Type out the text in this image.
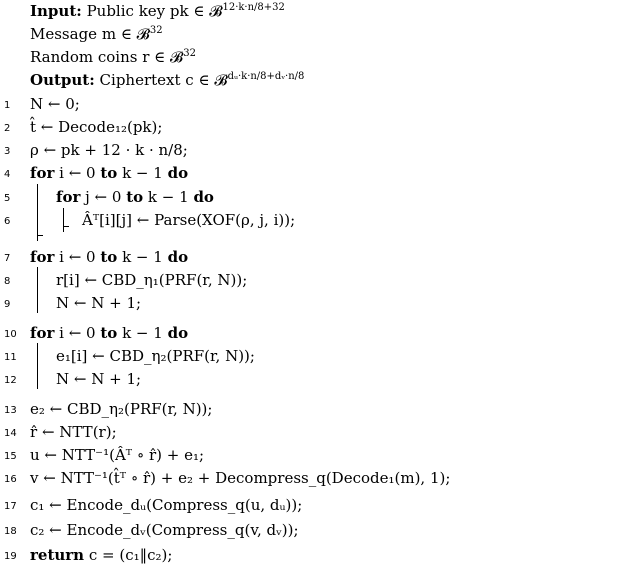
Input: Public key pk ∈ 𝓑$^{12\cdot k\cdot n/8+32}$
Message m ∈ 𝓑$^{32}$
Random coins r ∈ 𝓑$^{32}$
Output: Ciphertext c ∈ 𝓑$^{dᵤ\cdot k\cdot n/8+dᵥ\cdot n/8}$
1	N ← 0;
2	t̂ ← Decode₁₂(pk);
3	ρ ← pk + 12 · k · n/8;
4	for i ← 0 to k − 1 do
5	for j ← 0 to k − 1 do
6	Âᵀ[i][j] ← Parse(XOF(ρ, j, i));
7	for i ← 0 to k − 1 do
8	r[i] ← CBD_η₁(PRF(r, N));
9	N ← N + 1;
10 for i ← 0 to k − 1 do
11	e₁[i] ← CBD_η₂(PRF(r, N));
12	N ← N + 1;
13 e₂ ← CBD_η₂(PRF(r, N));
14 r̂ ← NTT(r);
15 u ← NTT⁻¹(Âᵀ ∘ r̂) + e₁;
16 v ← NTT⁻¹(t̂ᵀ ∘ r̂) + e₂ + Decompress_q(Decode₁(m), 1);
17 c₁ ← Encode_dᵤ(Compress_q(u, dᵤ));
18 c₂ ← Encode_dᵥ(Compress_q(v, dᵥ));
19 return c = (c₁‖c₂);
